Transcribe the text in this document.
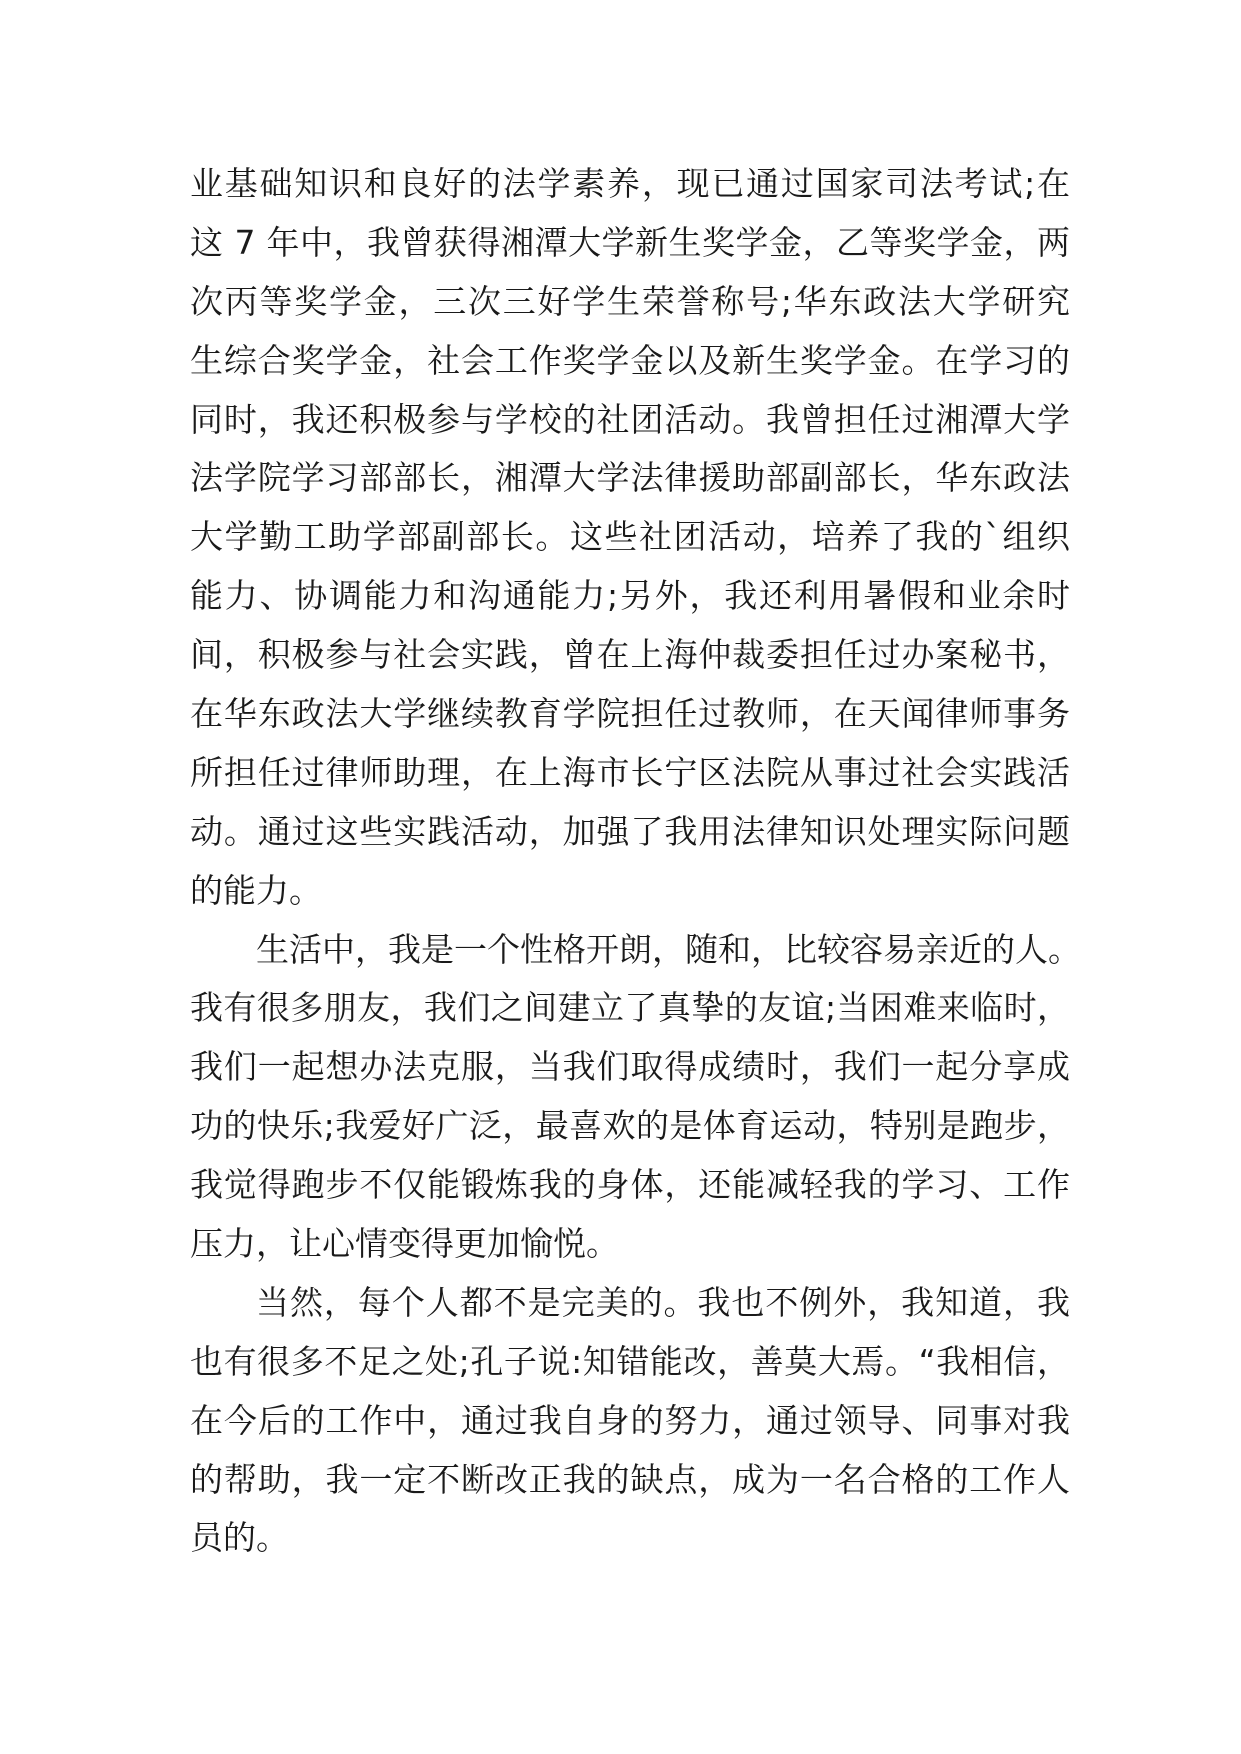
业基础知识和良好的法学素养，现已通过国家司法考试;在
这 7 年中，我曾获得湘潭大学新生奖学金，乙等奖学金，两
次丙等奖学金，三次三好学生荣誉称号;华东政法大学研究
生综合奖学金，社会工作奖学金以及新生奖学金。在学习的
同时，我还积极参与学校的社团活动。我曾担任过湘潭大学
法学院学习部部长，湘潭大学法律援助部副部长，华东政法
大学勤工助学部副部长。这些社团活动，培养了我的`组织
能力、协调能力和沟通能力;另外，我还利用暑假和业余时
间，积极参与社会实践，曾在上海仲裁委担任过办案秘书，
在华东政法大学继续教育学院担任过教师，在天闻律师事务
所担任过律师助理，在上海市长宁区法院从事过社会实践活
动。通过这些实践活动，加强了我用法律知识处理实际问题
的能力。
生活中，我是一个性格开朗，随和，比较容易亲近的人。
我有很多朋友，我们之间建立了真挚的友谊;当困难来临时，
我们一起想办法克服，当我们取得成绩时，我们一起分享成
功的快乐;我爱好广泛，最喜欢的是体育运动，特别是跑步，
我觉得跑步不仅能锻炼我的身体，还能减轻我的学习、工作
压力，让心情变得更加愉悦。
当然，每个人都不是完美的。我也不例外，我知道，我
也有很多不足之处;孔子说:知错能改，善莫大焉。“我相信，
在今后的工作中，通过我自身的努力，通过领导、同事对我
的帮助，我一定不断改正我的缺点，成为一名合格的工作人
员的。
